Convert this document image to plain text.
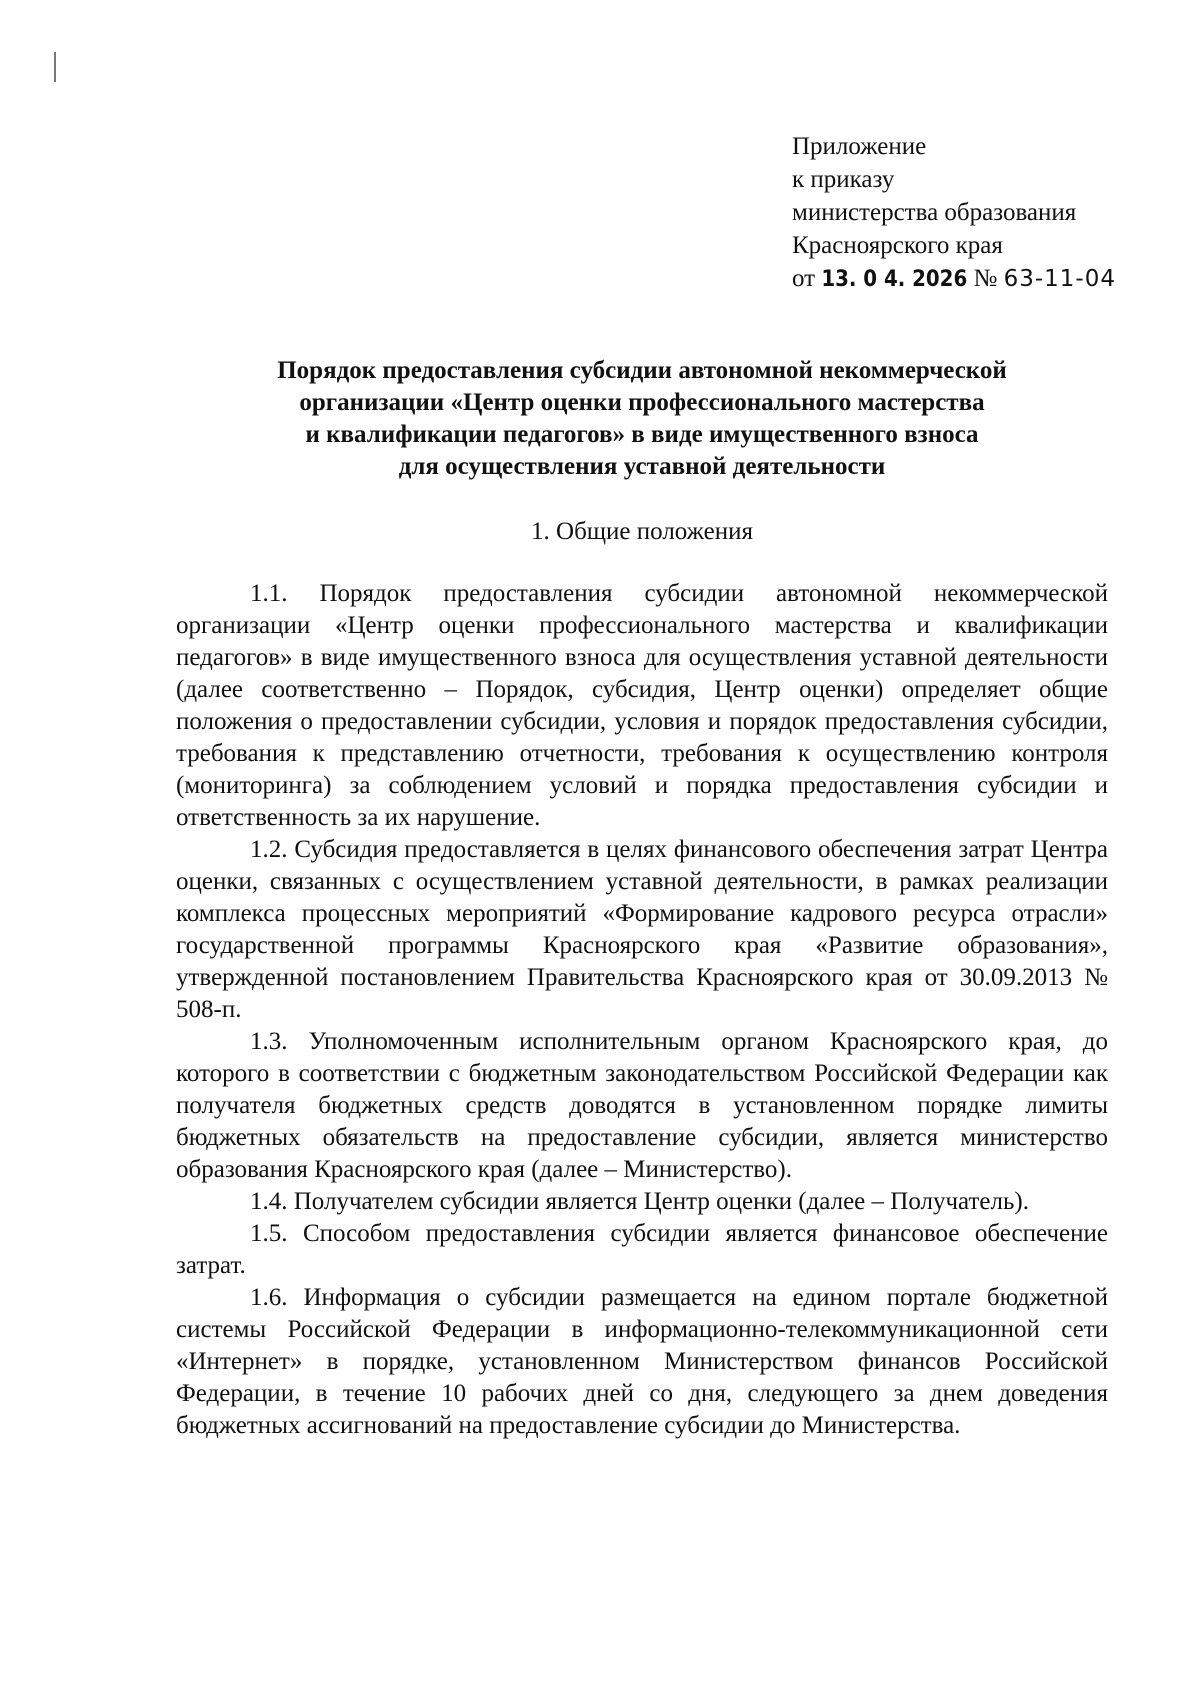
Приложение
к приказу
министерства образования
Красноярского края
от 13. 0 4. 2026 № 63-11-04
Порядок предоставления субсидии автономной некоммерческой
организации «Центр оценки профессионального мастерства
и квалификации педагогов» в виде имущественного взноса
для осуществления уставной деятельности
1. Общие положения

1.1. Порядок предоставления субсидии автономной некоммерческой организации «Центр оценки профессионального мастерства и квалификации педагогов» в виде имущественного взноса для осуществления уставной деятельности (далее соответственно – Порядок, субсидия, Центр оценки) определяет общие положения о предоставлении субсидии, условия и порядок предоставления субсидии, требования к представлению отчетности, требования к осуществлению контроля (мониторинга) за соблюдением условий и порядка предоставления субсидии и ответственность за их нарушение.

1.2. Субсидия предоставляется в целях финансового обеспечения затрат Центра оценки, связанных с осуществлением уставной деятельности, в рамках реализации комплекса процессных мероприятий «Формирование кадрового ресурса отрасли» государственной программы Красноярского края «Развитие образования», утвержденной постановлением Правительства Красноярского края от 30.09.2013 № 508-п.

1.3. Уполномоченным исполнительным органом Красноярского края, до которого в соответствии с бюджетным законодательством Российской Федерации как получателя бюджетных средств доводятся в установленном порядке лимиты бюджетных обязательств на предоставление субсидии, является министерство образования Красноярского края (далее – Министерство).

1.4. Получателем субсидии является Центр оценки (далее – Получатель).

1.5. Способом предоставления субсидии является финансовое обеспечение затрат.

1.6. Информация о субсидии размещается на едином портале бюджетной системы Российской Федерации в информационно-телекоммуникационной сети «Интернет» в порядке, установленном Министерством финансов Российской Федерации, в течение 10 рабочих дней со дня, следующего за днем доведения бюджетных ассигнований на предоставление субсидии до Министерства.
